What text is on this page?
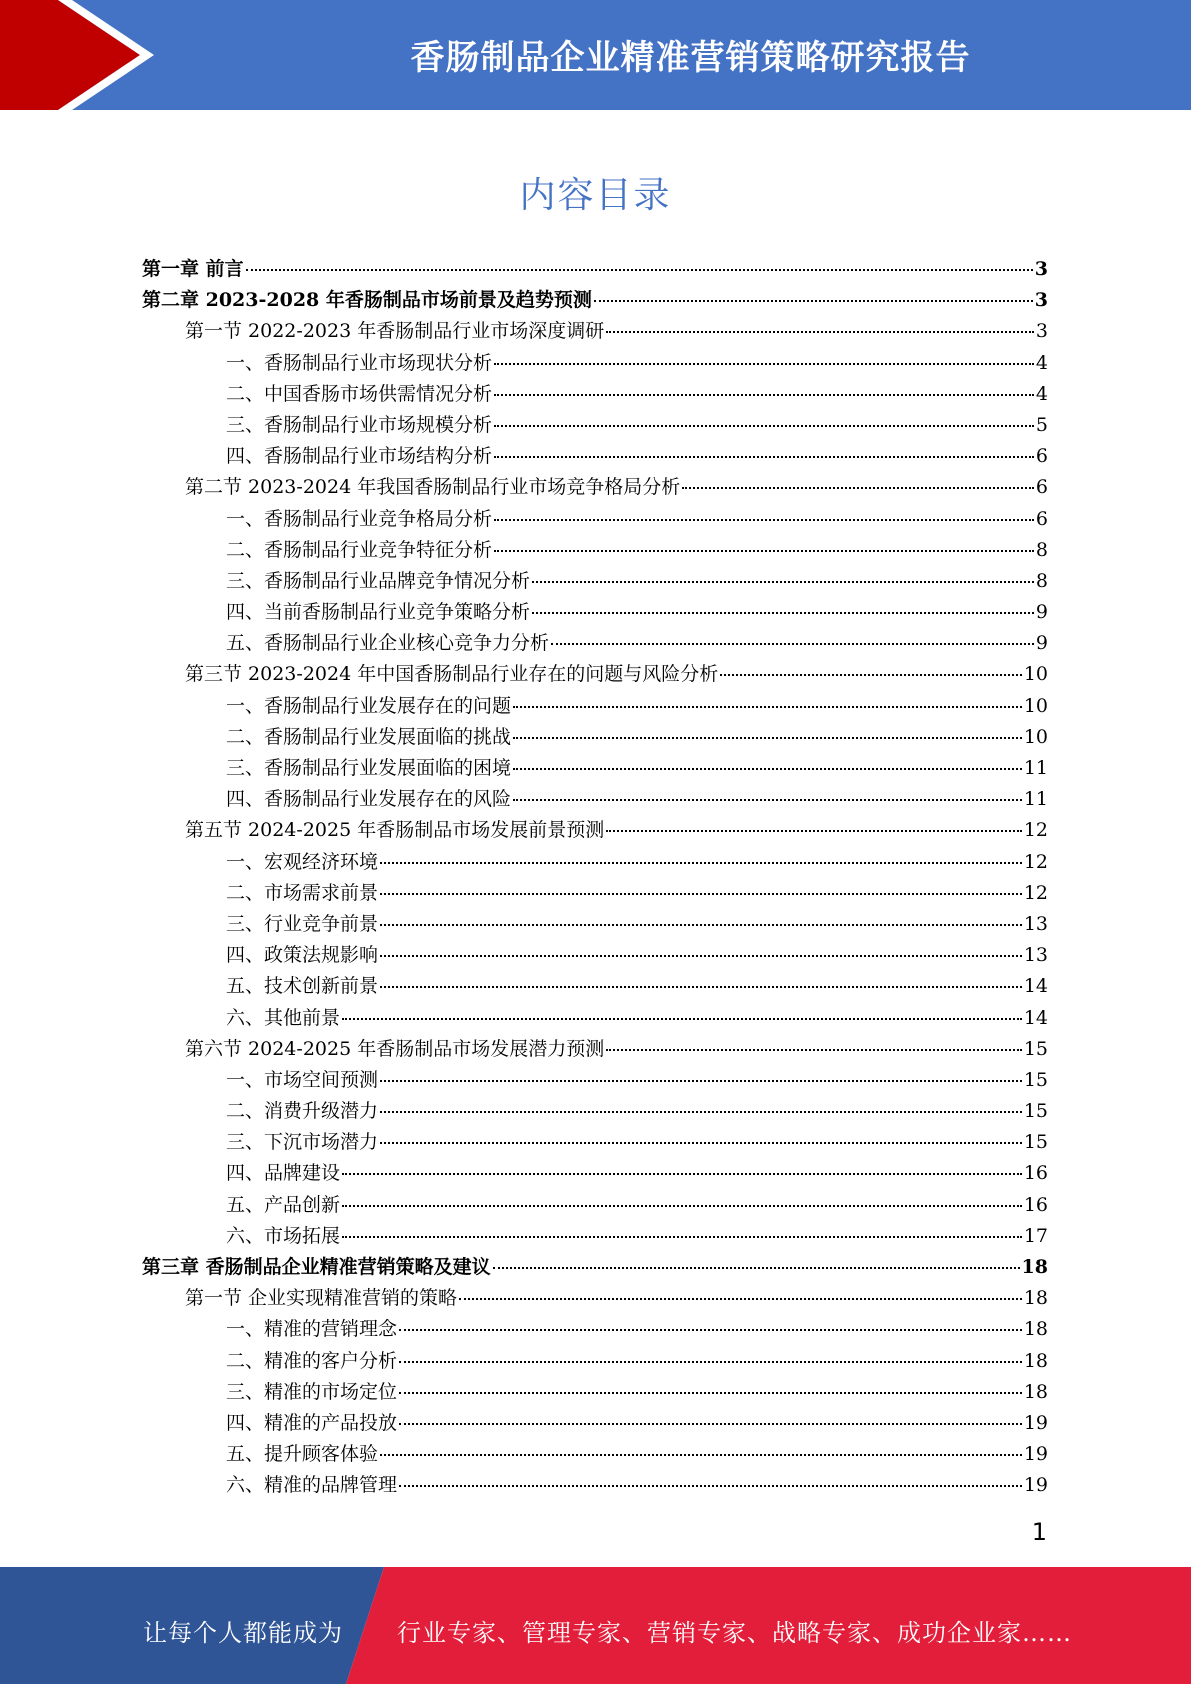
香肠制品企业精准营销策略研究报告
内容目录
第一章 前言	3
第二章 2023-2028 年香肠制品市场前景及趋势预测	3
第一节 2022-2023 年香肠制品行业市场深度调研	3
一、香肠制品行业市场现状分析	4
二、中国香肠市场供需情况分析	4
三、香肠制品行业市场规模分析	5
四、香肠制品行业市场结构分析	6
第二节 2023-2024 年我国香肠制品行业市场竞争格局分析	6
一、香肠制品行业竞争格局分析	6
二、香肠制品行业竞争特征分析	8
三、香肠制品行业品牌竞争情况分析	8
四、当前香肠制品行业竞争策略分析	9
五、香肠制品行业企业核心竞争力分析	9
第三节 2023-2024 年中国香肠制品行业存在的问题与风险分析	10
一、香肠制品行业发展存在的问题	10
二、香肠制品行业发展面临的挑战	10
三、香肠制品行业发展面临的困境	11
四、香肠制品行业发展存在的风险	11
第五节 2024-2025 年香肠制品市场发展前景预测	12
一、宏观经济环境	12
二、市场需求前景	12
三、行业竞争前景	13
四、政策法规影响	13
五、技术创新前景	14
六、其他前景	14
第六节 2024-2025 年香肠制品市场发展潜力预测	15
一、市场空间预测	15
二、消费升级潜力	15
三、下沉市场潜力	15
四、品牌建设	16
五、产品创新	16
六、市场拓展	17
第三章 香肠制品企业精准营销策略及建议	18
第一节 企业实现精准营销的策略	18
一、精准的营销理念	18
二、精准的客户分析	18
三、精准的市场定位	18
四、精准的产品投放	19
五、提升顾客体验	19
六、精准的品牌管理	19
1
让每个人都能成为 行业专家、管理专家、营销专家、战略专家、成功企业家……
